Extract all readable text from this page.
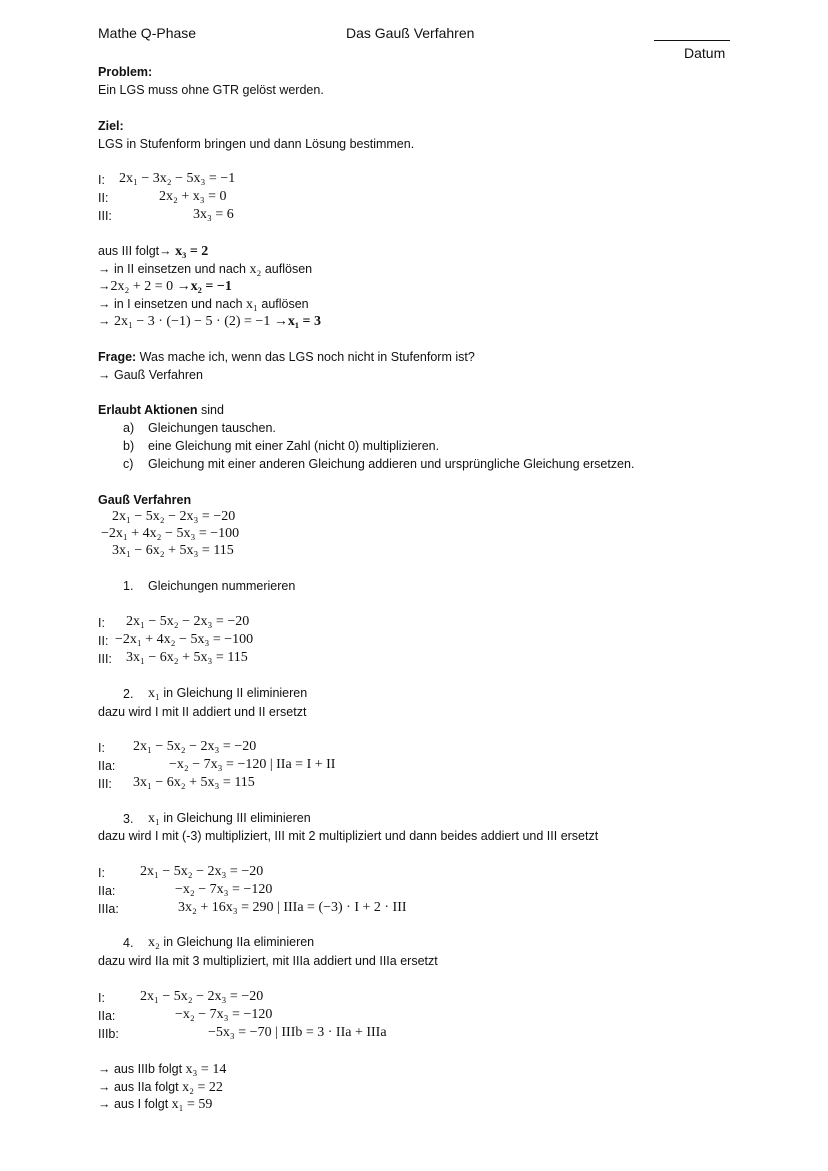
Mathe Q-Phase	Das Gauß Verfahren
Datum
Problem:
Ein LGS muss ohne GTR gelöst werden.
Ziel:
LGS in Stufenform bringen und dann Lösung bestimmen.
I: 2x₁ − 3x₂ − 5x₃ = −1
II:	2x₂ + x₃ = 0
III:	3x₃ = 6
aus III folgt→ x₃ = 2
→ in II einsetzen und nach x₂ auflösen
→2x₂ + 2 = 0 →x₂ = −1
→ in I einsetzen und nach x₁ auflösen
→ 2x₁ − 3 · (−1) − 5 · (2) = −1 →x₁ = 3
Frage: Was mache ich, wenn das LGS noch nicht in Stufenform ist?
→ Gauß Verfahren
Erlaubt Aktionen sind
a) Gleichungen tauschen.
b) eine Gleichung mit einer Zahl (nicht 0) multiplizieren.
c) Gleichung mit einer anderen Gleichung addieren und ursprüngliche Gleichung ersetzen.
Gauß Verfahren
2x₁ − 5x₂ − 2x₃ = −20
−2x₁ + 4x₂ − 5x₃ = −100
3x₁ − 6x₂ + 5x₃ = 115
1. Gleichungen nummerieren
I: 2x₁ − 5x₂ − 2x₃ = −20
II: −2x₁ + 4x₂ − 5x₃ = −100
III: 3x₁ − 6x₂ + 5x₃ = 115
2. x₁ in Gleichung II eliminieren
dazu wird I mit II addiert und II ersetzt
I: 2x₁ − 5x₂ − 2x₃ = −20
IIa:	−x₂ − 7x₃ = −120 | IIa = I + II
III: 3x₁ − 6x₂ + 5x₃ = 115
3. x₁ in Gleichung III eliminieren
dazu wird I mit (-3) multipliziert, III mit 2 multipliziert und dann beides addiert und III ersetzt
I:	2x₁ − 5x₂ − 2x₃ = −20
IIa:	−x₂ − 7x₃ = −120
IIIa:	3x₂ + 16x₃ = 290 | IIIa = (−3) · I + 2 · III
4. x₂ in Gleichung IIa eliminieren
dazu wird IIa mit 3 multipliziert, mit IIIa addiert und IIIa ersetzt
I:	2x₁ − 5x₂ − 2x₃ = −20
IIa:	−x₂ − 7x₃ = −120
IIIb:	−5x₃ = −70 | IIIb = 3 · IIa + IIIa
→ aus IIIb folgt x₃ = 14
→ aus IIa folgt x₂ = 22
→ aus I folgt x₁ = 59
